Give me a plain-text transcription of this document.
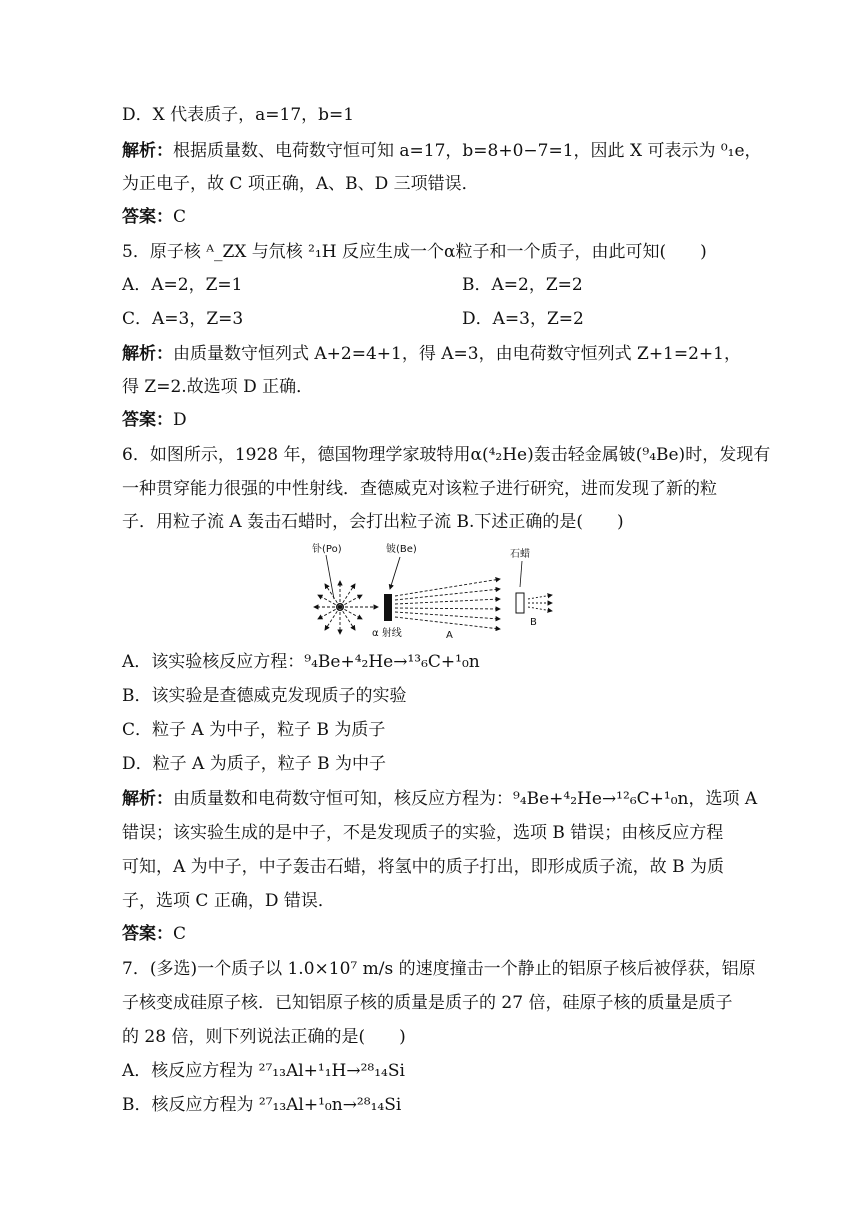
D．X 代表质子，a=17，b=1
解析：根据质量数、电荷数守恒可知 a=17，b=8+0−7=1，因此 X 可表示为 ⁰₁e，
为正电子，故 C 项正确，A、B、D 三项错误．
答案：C
5．原子核 ᴬ_ZX 与氘核 ²₁H 反应生成一个α粒子和一个质子，由此可知(　　)
A．A=2，Z=1	B．A=2，Z=2
C．A=3，Z=3	D．A=3，Z=2
解析：由质量数守恒列式 A+2=4+1，得 A=3，由电荷数守恒列式 Z+1=2+1，
得 Z=2.故选项 D 正确．
答案：D
6．如图所示，1928 年，德国物理学家玻特用α(⁴₂He)轰击轻金属铍(⁹₄Be)时，发现有
一种贯穿能力很强的中性射线．查德威克对该粒子进行研究，进而发现了新的粒
子．用粒子流 A 轰击石蜡时，会打出粒子流 B.下述正确的是(　　)
钋(Po)	铍(Be)
α 射线	A
石蜡
B
A．该实验核反应方程：⁹₄Be+⁴₂He→¹³₆C+¹₀n
B．该实验是查德威克发现质子的实验
C．粒子 A 为中子，粒子 B 为质子
D．粒子 A 为质子，粒子 B 为中子
解析：由质量数和电荷数守恒可知，核反应方程为：⁹₄Be+⁴₂He→¹²₆C+¹₀n，选项 A
错误；该实验生成的是中子，不是发现质子的实验，选项 B 错误；由核反应方程
可知，A 为中子，中子轰击石蜡，将氢中的质子打出，即形成质子流，故 B 为质
子，选项 C 正确，D 错误．
答案：C
7．(多选)一个质子以 1.0×10⁷ m/s 的速度撞击一个静止的铝原子核后被俘获，铝原
子核变成硅原子核．已知铝原子核的质量是质子的 27 倍，硅原子核的质量是质子
的 28 倍，则下列说法正确的是(　　)
A．核反应方程为 ²⁷₁₃Al+¹₁H→²⁸₁₄Si
B．核反应方程为 ²⁷₁₃Al+¹₀n→²⁸₁₄Si
